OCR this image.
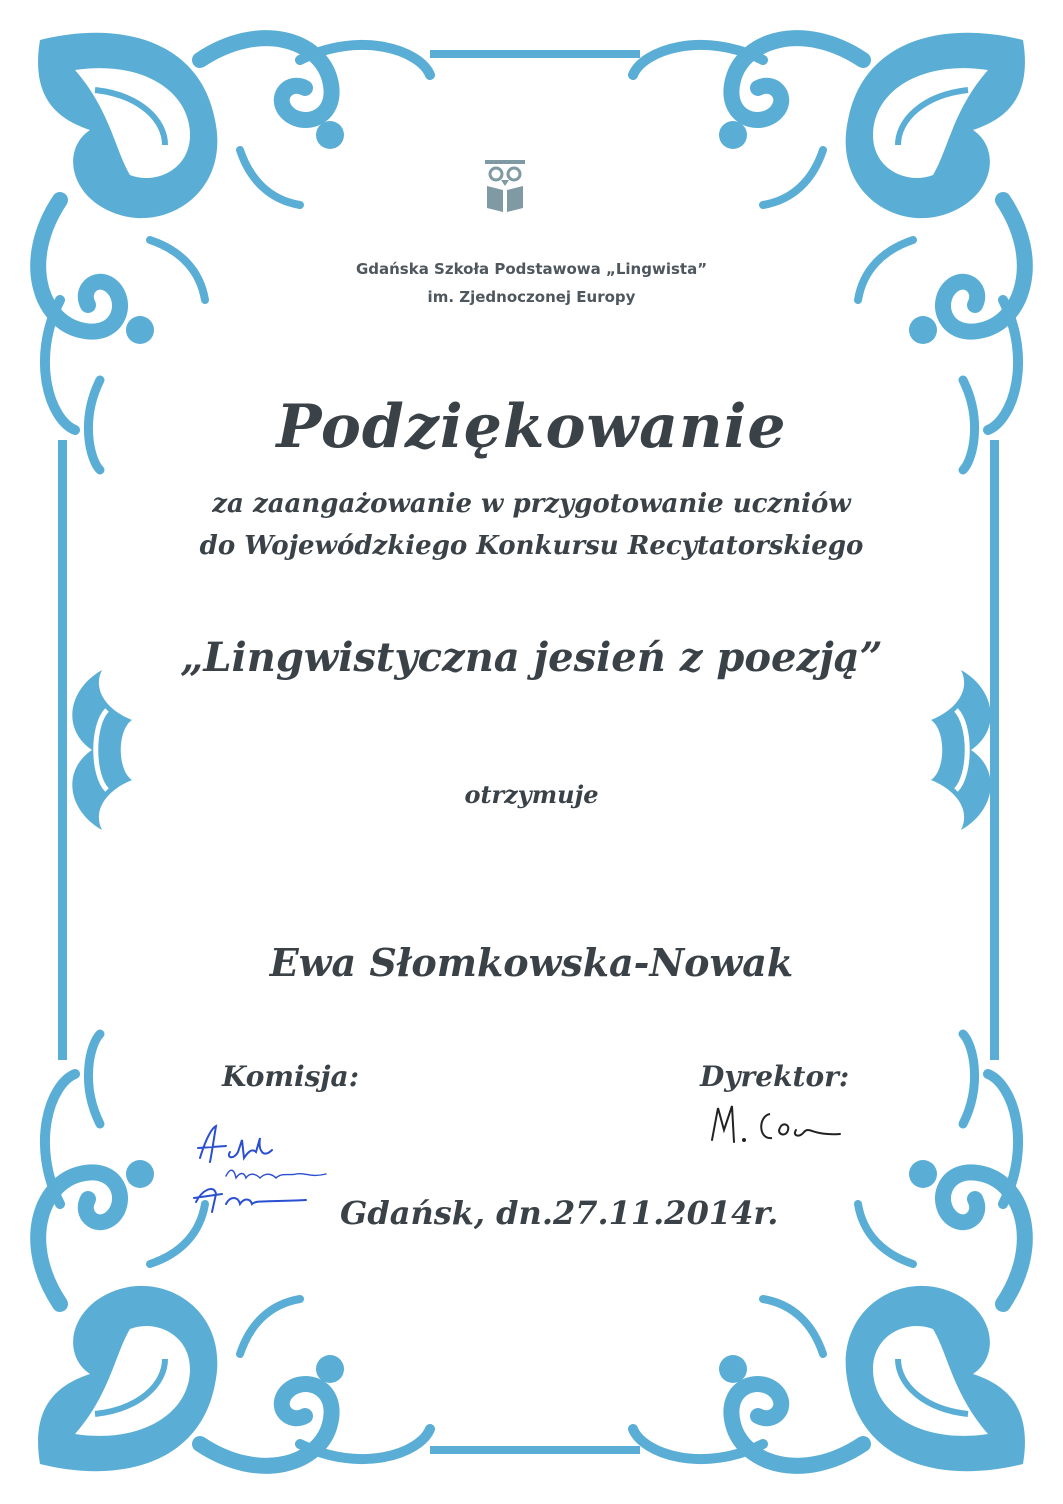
Gdańska Szkoła Podstawowa „Lingwista”
im. Zjednoczonej Europy
Podziękowanie
za zaangażowanie w przygotowanie uczniów
do Wojewódzkiego Konkursu Recytatorskiego
„Lingwistyczna jesień z poezją”
otrzymuje
Ewa Słomkowska-Nowak
Komisja:	Dyrektor:
Gdańsk, dn.27.11.2014r.
